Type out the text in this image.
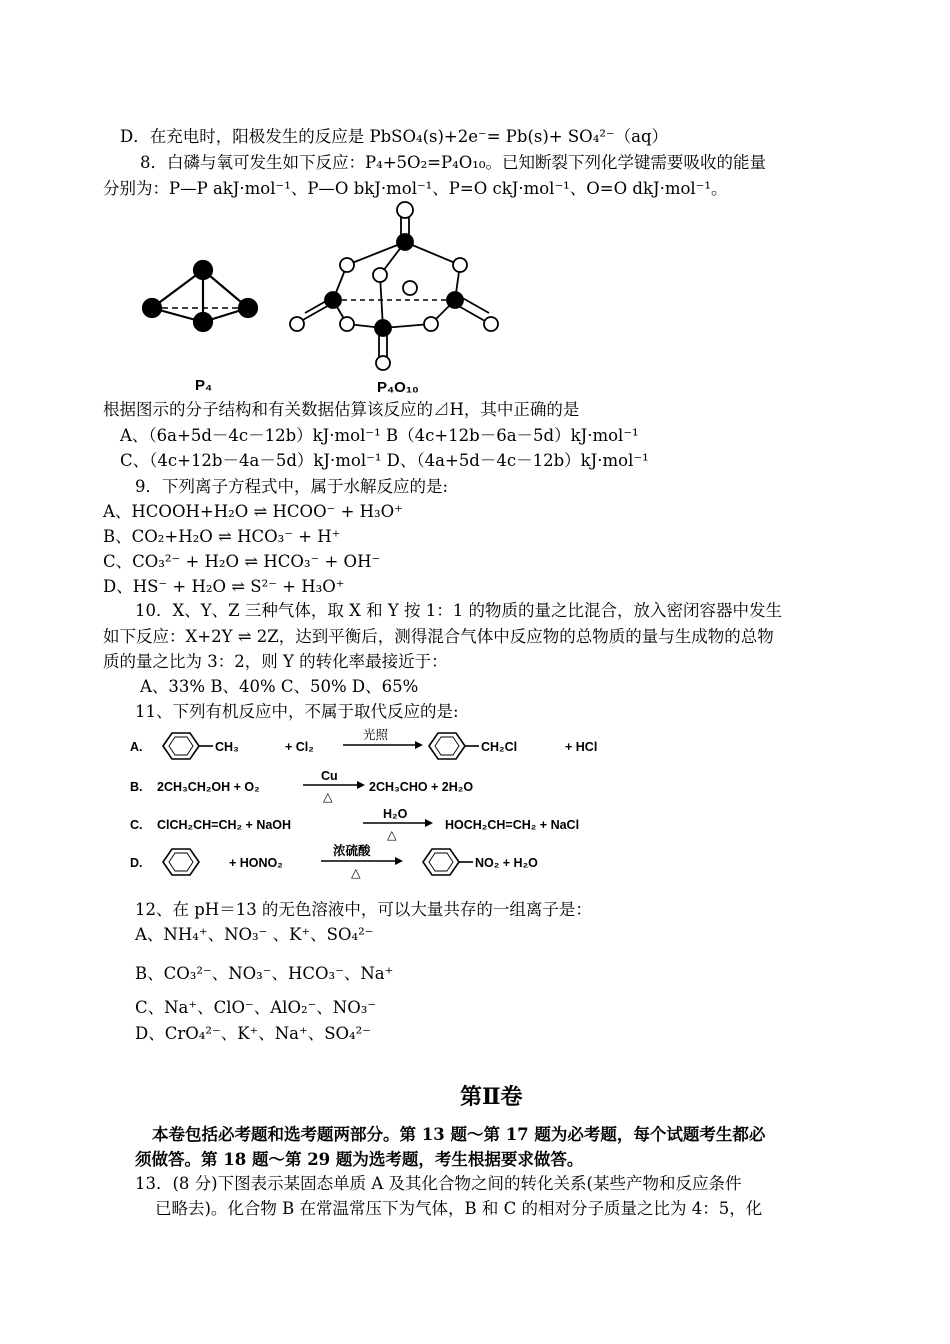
D．在充电时，阳极发生的反应是 PbSO₄(s)+2e⁻= Pb(s)+ SO₄²⁻（aq）
8．白磷与氧可发生如下反应：P₄+5O₂=P₄O₁₀。已知断裂下列化学键需要吸收的能量
分别为：P—P akJ·mol⁻¹、P—O bkJ·mol⁻¹、P=O ckJ·mol⁻¹、O=O dkJ·mol⁻¹。
P₄	P₄O₁₀
根据图示的分子结构和有关数据估算该反应的⊿H，其中正确的是
A、（6a+5d－4c－12b）kJ·mol⁻¹ B（4c+12b－6a－5d）kJ·mol⁻¹
C、（4c+12b－4a－5d）kJ·mol⁻¹ D、（4a+5d－4c－12b）kJ·mol⁻¹
9．下列离子方程式中，属于水解反应的是:
A、HCOOH+H₂O ⇌ HCOO⁻ + H₃O⁺
B、CO₂+H₂O ⇌ HCO₃⁻ + H⁺
C、CO₃²⁻ + H₂O ⇌ HCO₃⁻ + OH⁻
D、HS⁻ + H₂O ⇌ S²⁻ + H₃O⁺
10．X、Y、Z 三种气体，取 X 和 Y 按 1：1 的物质的量之比混合，放入密闭容器中发生
如下反应：X+2Y ⇌ 2Z，达到平衡后，测得混合气体中反应物的总物质的量与生成物的总物
质的量之比为 3：2，则 Y 的转化率最接近于：
A、33% B、40% C、50% D、65%
11、下列有机反应中，不属于取代反应的是:
A.	CH₃	+ Cl₂
光照
CH₂Cl	+ HCl
B. 2CH₃CH₂OH + O₂
Cu
△
2CH₃CHO + 2H₂O
C. ClCH₂CH=CH₂ + NaOH
H₂O
△
HOCH₂CH=CH₂ + NaCl
D.	+ HONO₂
浓硫酸
△
NO₂ + H₂O
12、在 pH＝13 的无色溶液中，可以大量共存的一组离子是：
A、NH₄⁺、NO₃⁻ 、K⁺、SO₄²⁻
B、CO₃²⁻、NO₃⁻、HCO₃⁻、Na⁺
C、Na⁺、ClO⁻、AlO₂⁻、NO₃⁻
D、CrO₄²⁻、K⁺、Na⁺、SO₄²⁻
第Ⅱ卷
本卷包括必考题和选考题两部分。第 13 题～第 17 题为必考题，每个试题考生都必
须做答。第 18 题～第 29 题为选考题，考生根据要求做答。
13．(8 分)下图表示某固态单质 A 及其化合物之间的转化关系(某些产物和反应条件
已略去)。化合物 B 在常温常压下为气体，B 和 C 的相对分子质量之比为 4：5，化
